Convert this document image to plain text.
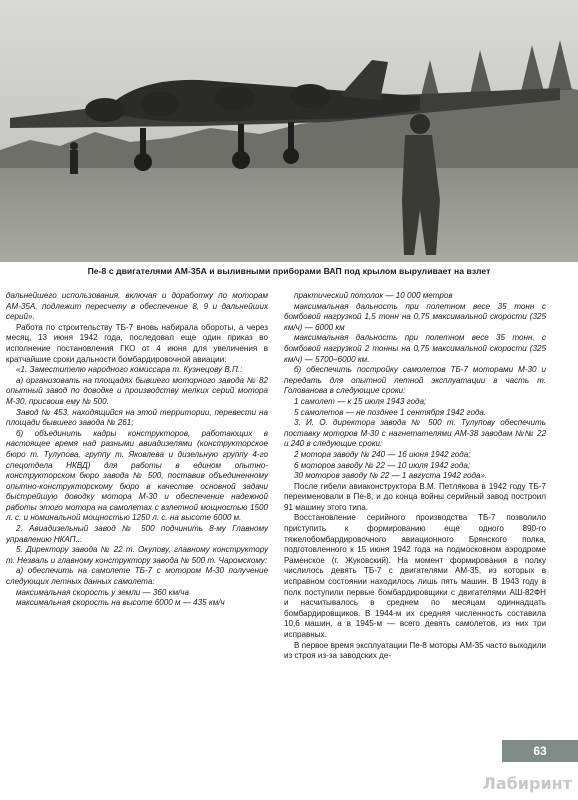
Пе-8 с двигателями АМ-35А и выливными приборами ВАП под крылом выруливает на взлет

дальнейшего использования, включая и доработку по моторам АМ-35А, подлежит пересчету в обеспечение 8, 9 и дальнейших серий».

Работа по строительству ТБ-7 вновь набирала обороты, а через месяц, 13 июня 1942 года, последовал еще один приказ во исполнение постановления ГКО от 4 июня для увеличения в кратчайшие сроки дальности бомбардировочной авиации:

«1. Заместителю народного комиссара т. Кузнецову В.П.:

а) организовать на площадях бывшего моторного завода № 82 опытный завод по доводке и производству мелких серий мотора М-30, присвоив ему № 500.

Завод № 453, находящийся на этой территории, перевести на площади бывшего завода № 261;

б) объединить кадры конструкторов, работающих в настоящее время над разными авиадизелями (конструкторское бюро т. Тулупова, группу т. Яковлева и дизельную группу 4-го спецотдела НКВД) для работы в едином опытно-конструкторском бюро завода № 500, поставив объединенному опытно-конструкторскому бюро в качестве основной задачи быстрейшую доводку мотора М-30 и обеспечение надежной работы этого мотора на самолетах с взлетной мощностью 1500 л. с. и номинальной мощностью 1250 л. с. на высоте 6000 м.

2. Авиадизельный завод № 500 подчинить 8-му Главному управлению НКАП...

5. Директору завода № 22 т. Окулову, главному конструктору т. Незваль и главному конструктору завода № 500 т. Чаромскому:

а) обеспечить на самолете ТБ-7 с мотором М-30 получение следующих летных данных самолета:

максимальная скорость у земли — 360 км/ча

максимальная скорость на высоте 6000 м — 435 км/ч

практический потолок — 10 000 метров

максимальная дальность при полетном весе 35 тонн с бомбовой нагрузкой 1,5 тонн на 0,75 максимальной скорости (325 км/ч) — 6000 км

максимальная дальность при полетном весе 35 тонн, с бомбовой нагрузкой 2 тонны на 0,75 максимальной скорости (325 км/ч) — 5700–6000 км.

б) обеспечить постройку самолетов ТБ-7 моторами М-30 и передать для опытной летной эксплуатации в часть т. Голованова в следующие сроки:

1 самолет — к 15 июля 1943 года;

5 самолетов — не позднее 1 сентября 1942 года.

3. И. О. директора завода № 500 т. Тулупову обеспечить поставку моторов М-30 с нагнетателями АМ-38 заводам №№ 22 и 240 в следующие сроки:

2 мотора заводу № 240 — 16 июня 1942 года;

6 моторов заводу № 22 — 10 июля 1942 года;

30 моторов заводу № 22 — 1 августа 1942 года».

После гибели авиаконструктора В.М. Петлякова в 1942 году ТБ-7 переименовали в Пе-8, и до конца войны серийный завод построил 91 машину этого типа.

Восстановление серийного производства ТБ-7 позволило приступить к формированию еще одного 890-го тяжелобомбардировочного авиационного Брянского полка, подготовленного к 15 июня 1942 года на подмосковном аэродроме Раменское (г. Жуковский). На момент формирования в полку числилось девять ТБ-7 с двигателями АМ-35, из которых в исправном состоянии находилось лишь пять машин. В 1943 году в полк поступили первые бомбардировщики с двигателями АШ-82ФН и насчитывалось в среднем по месяцам одиннадцать бомбардировщиков. В 1944-м их средняя численность составила 10,6 машин, а в 1945-м — всего девять самолетов, из них три исправных.

В первое время эксплуатации Пе-8 моторы АМ-35 часто выходили из строя из-за заводских де-

63
Лабиринт
